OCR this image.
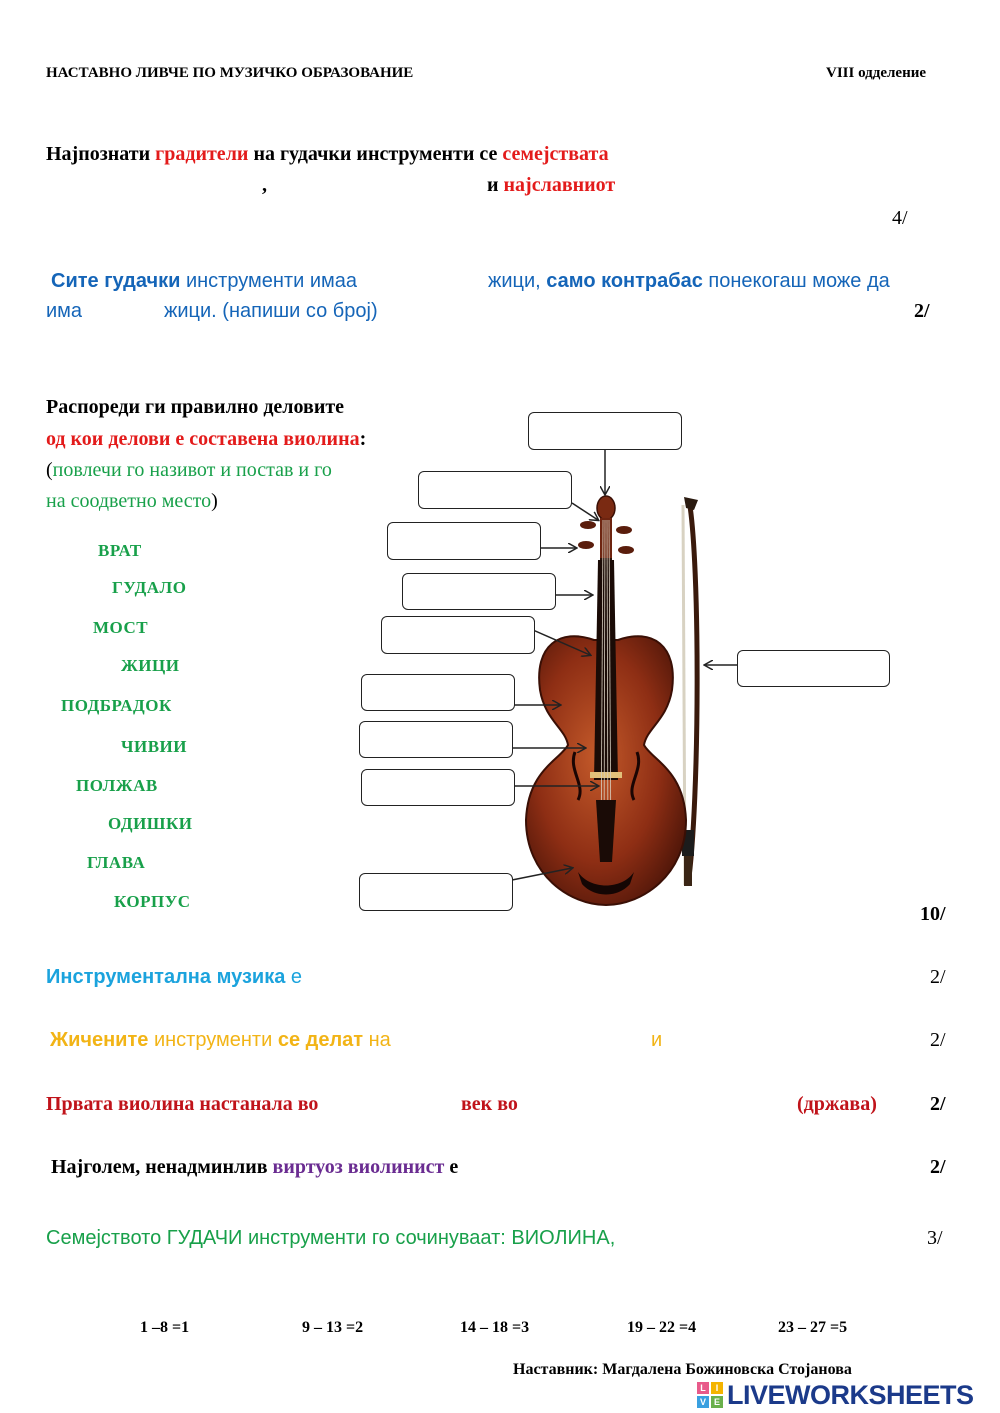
НАСТАВНО ЛИВЧЕ ПО МУЗИЧКО ОБРАЗОВАНИЕ	VIII одделение
Најпознати градители на гудачки инструменти се семејствата
,	и најславниот
4/
Сите гудачки инструменти имаа	жици, само контрабас понекогаш може да
има	жици. (напиши со број)	2/
Распореди ги правилно деловите
од кои делови е составена виолина:
(повлечи го називот и постав и го
на соодветно место)
ВРАТ
ГУДАЛО
МОСТ
ЖИЦИ
ПОДБРАДОК
ЧИВИИ
ПОЛЖАВ
ОДИШКИ
ГЛАВА
КОРПУС
10/
Инструментална музика е	2/
Жичените инструменти се делат на	и	2/
Првата виолина настанала во	век во	(држава)	2/
Најголем, ненадминлив виртуоз виолинист е	2/
Семејството ГУДАЧИ инструменти го сочинуваат: ВИОЛИНА,	3/
1 –8 =1	9 – 13 =2	14 – 18 =3	19 – 22 =4	23 – 27 =5
Наставник: Магдалена Божиновска Стојанова
L	I
V E LIVEWORKSHEETS
